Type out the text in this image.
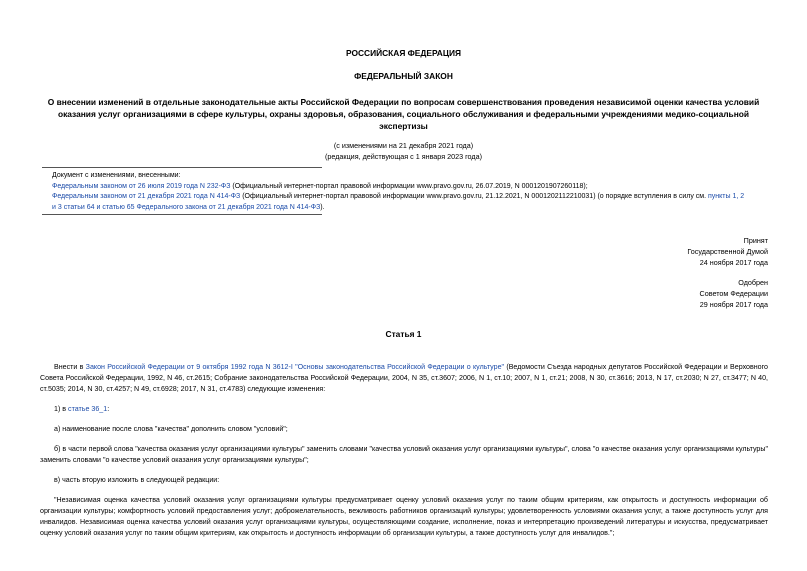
РОССИЙСКАЯ ФЕДЕРАЦИЯ
ФЕДЕРАЛЬНЫЙ ЗАКОН
О внесении изменений в отдельные законодательные акты Российской Федерации по вопросам совершенствования проведения независимой оценки качества условий оказания услуг организациями в сфере культуры, охраны здоровья, образования, социального обслуживания и федеральными учреждениями медико-социальной экспертизы
(с изменениями на 21 декабря 2021 года)
(редакция, действующая с 1 января 2023 года)
Документ с изменениями, внесенными:
Федеральным законом от 26 июля 2019 года N 232-ФЗ (Официальный интернет-портал правовой информации www.pravo.gov.ru, 26.07.2019, N 0001201907260118);
Федеральным законом от 21 декабря 2021 года N 414-ФЗ (Официальный интернет-портал правовой информации www.pravo.gov.ru, 21.12.2021, N 0001202112210031) (о порядке вступления в силу см. пункты 1, 2
и 3 статьи 64 и статью 65 Федерального закона от 21 декабря 2021 года N 414-ФЗ).
Принят
Государственной Думой
24 ноября 2017 года
Одобрен
Советом Федерации
29 ноября 2017 года
Статья 1

Внести в Закон Российской Федерации от 9 октября 1992 года N 3612-I "Основы законодательства Российской Федерации о культуре" (Ведомости Съезда народных депутатов Российской Федерации и Верховного Совета Российской Федерации, 1992, N 46, ст.2615; Собрание законодательства Российской Федерации, 2004, N 35, ст.3607; 2006, N 1, ст.10; 2007, N 1, ст.21; 2008, N 30, ст.3616; 2013, N 17, ст.2030; N 27, ст.3477; N 40, ст.5035; 2014, N 30, ст.4257; N 49, ст.6928; 2017, N 31, ст.4783) следующие изменения:

1) в статье 36_1:

а) наименование после слова "качества" дополнить словом "условий";

б) в части первой слова "качества оказания услуг организациями культуры" заменить словами "качества условий оказания услуг организациями культуры", слова "о качестве оказания услуг организациями культуры" заменить словами "о качестве условий оказания услуг организациями культуры";

в) часть вторую изложить в следующей редакции:

"Независимая оценка качества условий оказания услуг организациями культуры предусматривает оценку условий оказания услуг по таким общим критериям, как открытость и доступность информации об организации культуры; комфортность условий предоставления услуг; доброжелательность, вежливость работников организаций культуры; удовлетворенность условиями оказания услуг, а также доступность услуг для инвалидов. Независимая оценка качества условий оказания услуг организациями культуры, осуществляющими создание, исполнение, показ и интерпретацию произведений литературы и искусства, предусматривает оценку условий оказания услуг по таким общим критериям, как открытость и доступность информации об организации культуры, а также доступность услуг для инвалидов.";
